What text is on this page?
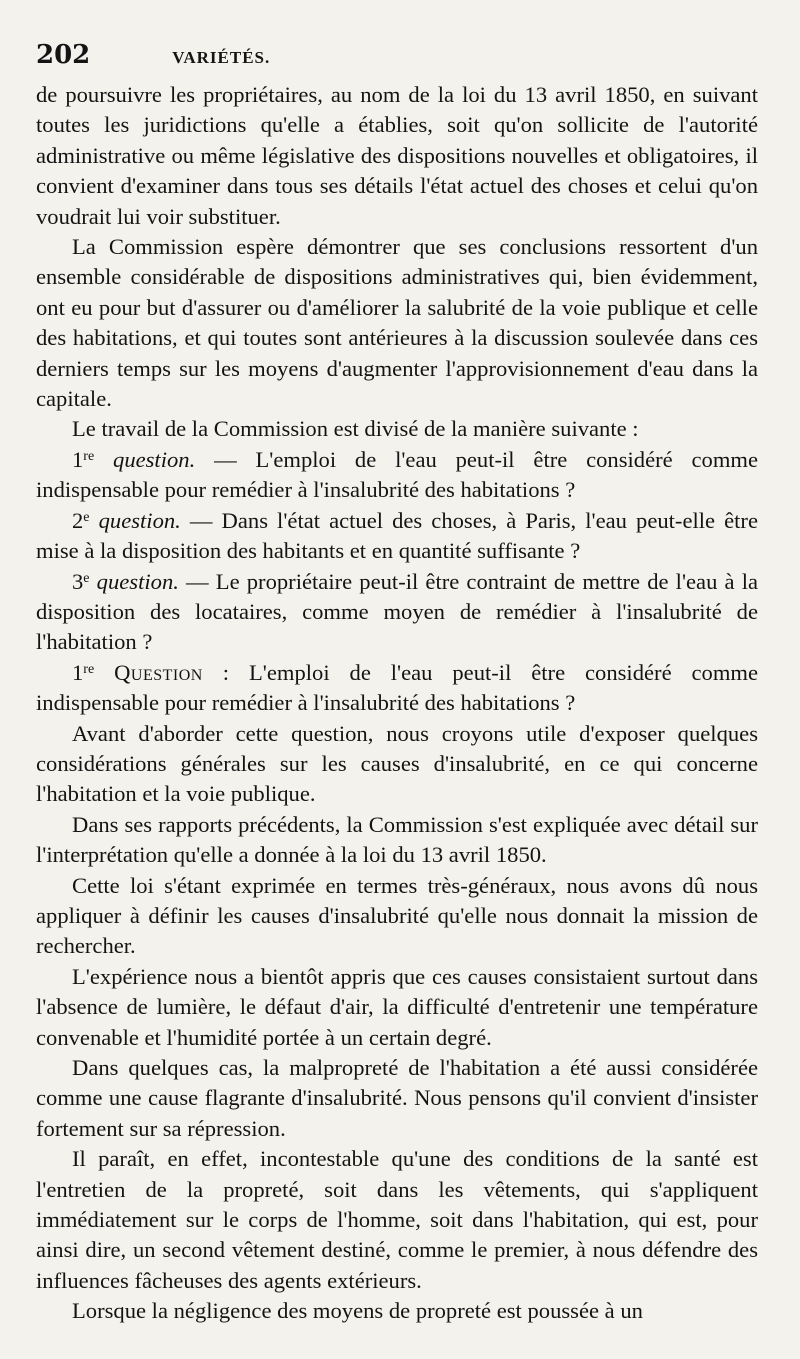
202	VARIÉTÉS.

de poursuivre les propriétaires, au nom de la loi du 13 avril 1850, en suivant toutes les juridictions qu'elle a établies, soit qu'on sollicite de l'autorité administrative ou même législative des dispositions nouvelles et obligatoires, il convient d'examiner dans tous ses détails l'état actuel des choses et celui qu'on voudrait lui voir substituer.

La Commission espère démontrer que ses conclusions ressortent d'un ensemble considérable de dispositions administratives qui, bien évidemment, ont eu pour but d'assurer ou d'améliorer la salubrité de la voie publique et celle des habitations, et qui toutes sont antérieures à la discussion soulevée dans ces derniers temps sur les moyens d'augmenter l'approvisionnement d'eau dans la capitale.

Le travail de la Commission est divisé de la manière suivante :

1re question. — L'emploi de l'eau peut-il être considéré comme indispensable pour remédier à l'insalubrité des habitations ?

2e question. — Dans l'état actuel des choses, à Paris, l'eau peut-elle être mise à la disposition des habitants et en quantité suffisante ?

3e question. — Le propriétaire peut-il être contraint de mettre de l'eau à la disposition des locataires, comme moyen de remédier à l'insalubrité de l'habitation ?

1re Question : L'emploi de l'eau peut-il être considéré comme indispensable pour remédier à l'insalubrité des habitations ?

Avant d'aborder cette question, nous croyons utile d'exposer quelques considérations générales sur les causes d'insalubrité, en ce qui concerne l'habitation et la voie publique.

Dans ses rapports précédents, la Commission s'est expliquée avec détail sur l'interprétation qu'elle a donnée à la loi du 13 avril 1850.

Cette loi s'étant exprimée en termes très-généraux, nous avons dû nous appliquer à définir les causes d'insalubrité qu'elle nous donnait la mission de rechercher.

L'expérience nous a bientôt appris que ces causes consistaient surtout dans l'absence de lumière, le défaut d'air, la difficulté d'entretenir une température convenable et l'humidité portée à un certain degré.

Dans quelques cas, la malpropreté de l'habitation a été aussi considérée comme une cause flagrante d'insalubrité. Nous pensons qu'il convient d'insister fortement sur sa répression.

Il paraît, en effet, incontestable qu'une des conditions de la santé est l'entretien de la propreté, soit dans les vêtements, qui s'appliquent immédiatement sur le corps de l'homme, soit dans l'habitation, qui est, pour ainsi dire, un second vêtement destiné, comme le premier, à nous défendre des influences fâcheuses des agents extérieurs.

Lorsque la négligence des moyens de propreté est poussée à un
